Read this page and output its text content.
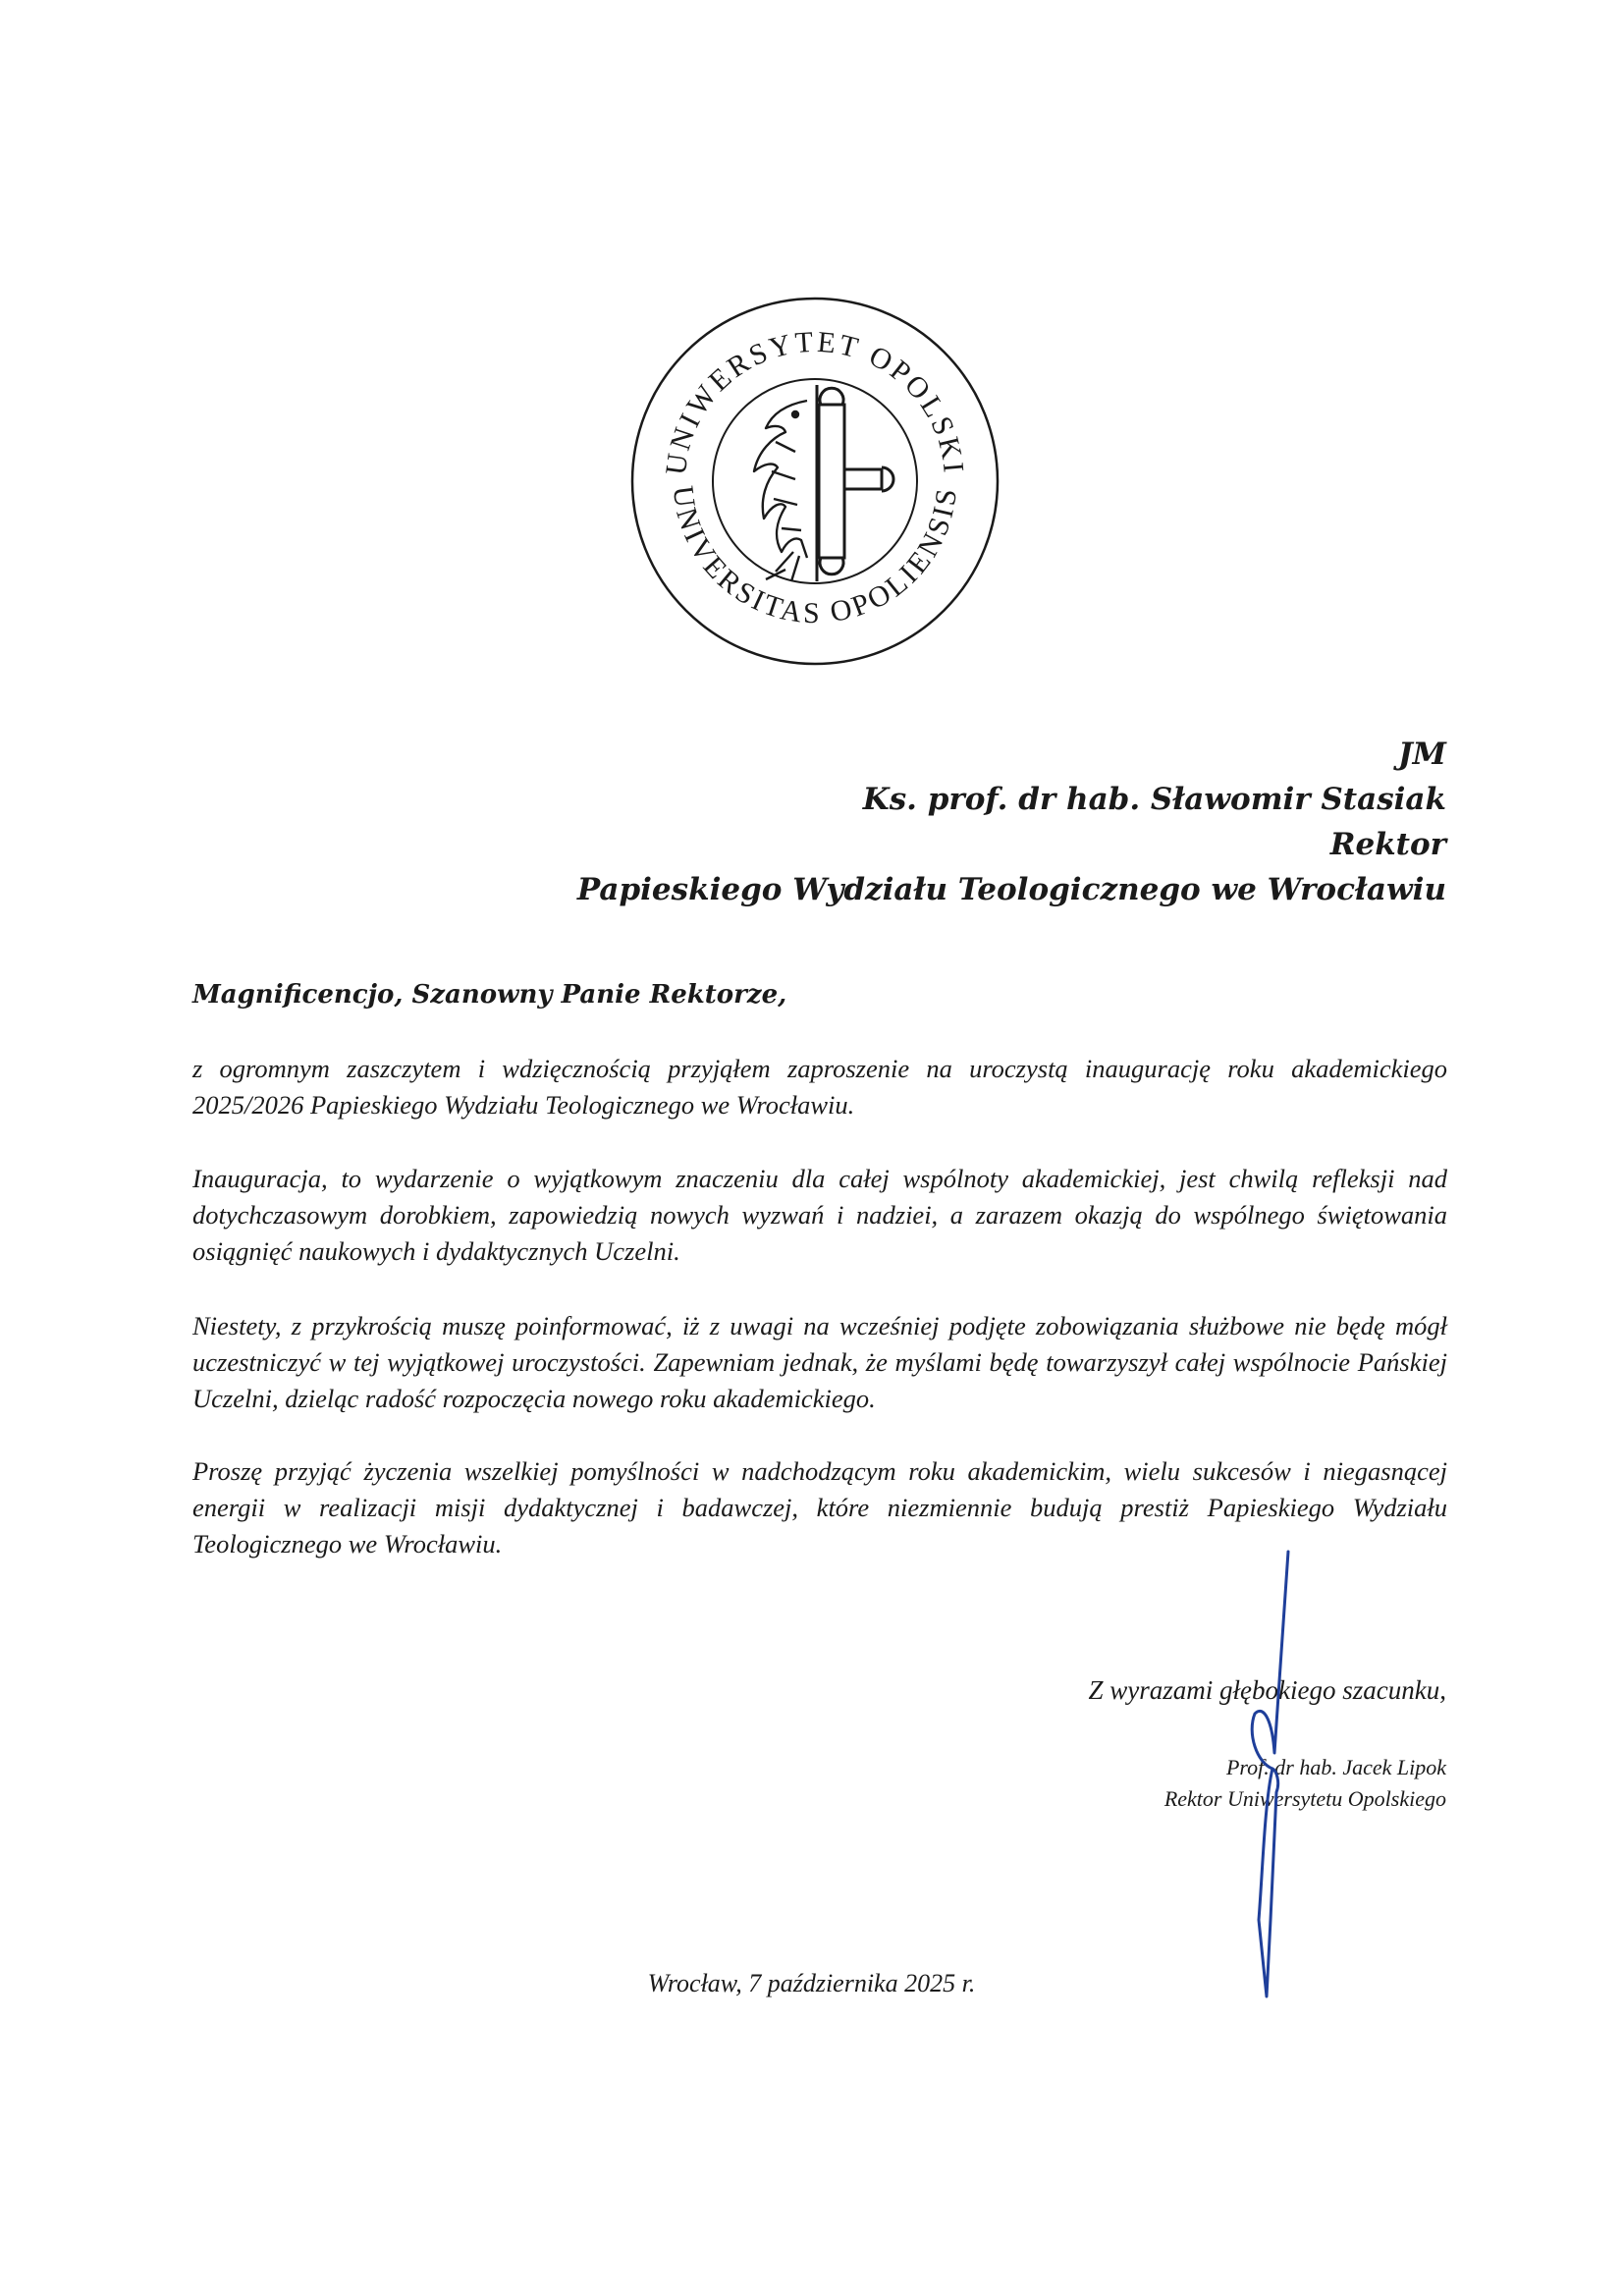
UNIWERSYTET OPOLSKI
UNIVERSITAS OPOLIENSIS
JM
Ks. prof. dr hab. Sławomir Stasiak
Rektor
Papieskiego Wydziału Teologicznego we Wrocławiu
Magnificencjo, Szanowny Panie Rektorze,

z ogromnym zaszczytem i wdzięcznością przyjąłem zaproszenie na uroczystą inaugurację roku akademickiego 2025/2026 Papieskiego Wydziału Teologicznego we Wrocławiu.

Inauguracja, to wydarzenie o wyjątkowym znaczeniu dla całej wspólnoty akademickiej, jest chwilą refleksji nad dotychczasowym dorobkiem, zapowiedzią nowych wyzwań i nadziei, a zarazem okazją do wspólnego świętowania osiągnięć naukowych i dydaktycznych Uczelni.

Niestety, z przykrością muszę poinformować, iż z uwagi na wcześniej podjęte zobowiązania służbowe nie będę mógł uczestniczyć w tej wyjątkowej uroczystości. Zapewniam jednak, że myślami będę towarzyszył całej wspólnocie Pańskiej Uczelni, dzieląc radość rozpoczęcia nowego roku akademickiego.

Proszę przyjąć życzenia wszelkiej pomyślności w nadchodzącym roku akademickim, wielu sukcesów i niegasnącej energii w realizacji misji dydaktycznej i badawczej, które niezmiennie budują prestiż Papieskiego Wydziału Teologicznego we Wrocławiu.

Z wyrazami głębokiego szacunku,
Prof. dr hab. Jacek Lipok
Rektor Uniwersytetu Opolskiego
Wrocław, 7 października 2025 r.
